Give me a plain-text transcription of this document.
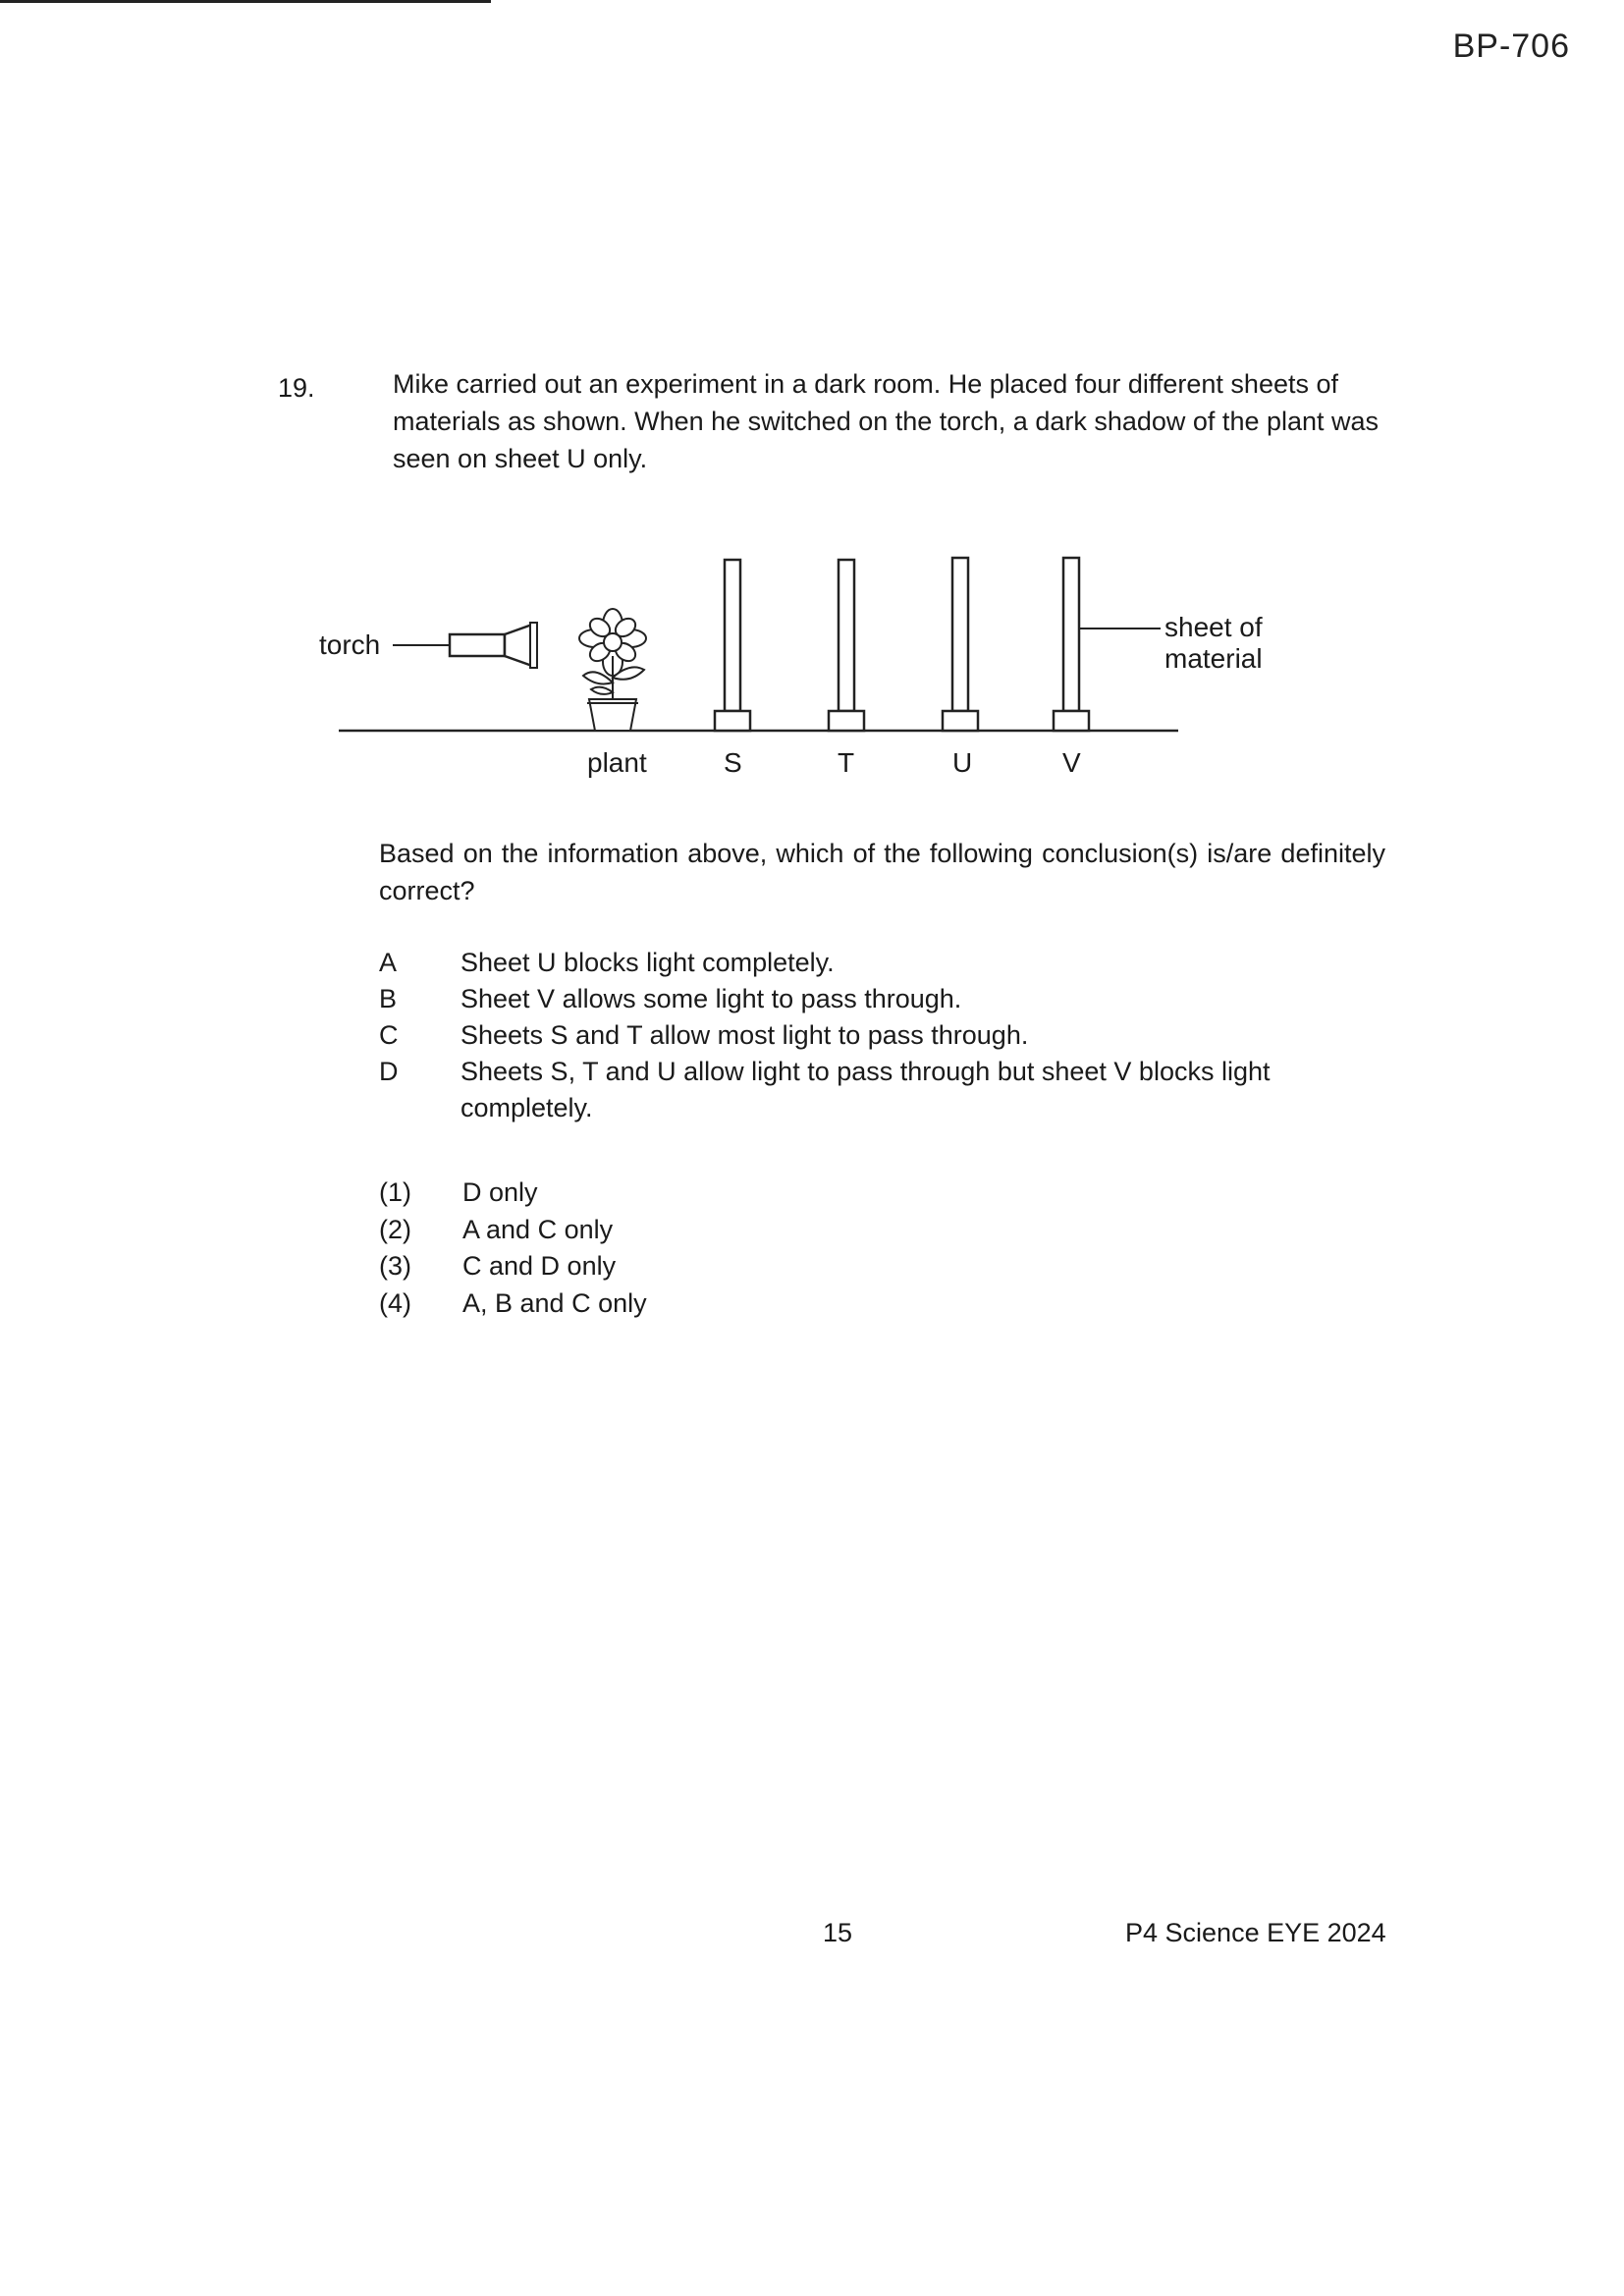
BP-706
19.	Mike carried out an experiment in a dark room. He placed four different sheets of materials as shown. When he switched on the torch, a dark shadow of the plant was seen on sheet U only.
torch
sheet of
material
plant	S	T	U	V
Based on the information above, which of the following conclusion(s) is/are definitely correct?
A	Sheet U blocks light completely.
B	Sheet V allows some light to pass through.
C	Sheets S and T allow most light to pass through.
D	Sheets S, T and U allow light to pass through but sheet V blocks light completely.
(1)	D only
(2)	A and C only
(3)	C and D only
(4)	A, B and C only
15	P4 Science EYE 2024
